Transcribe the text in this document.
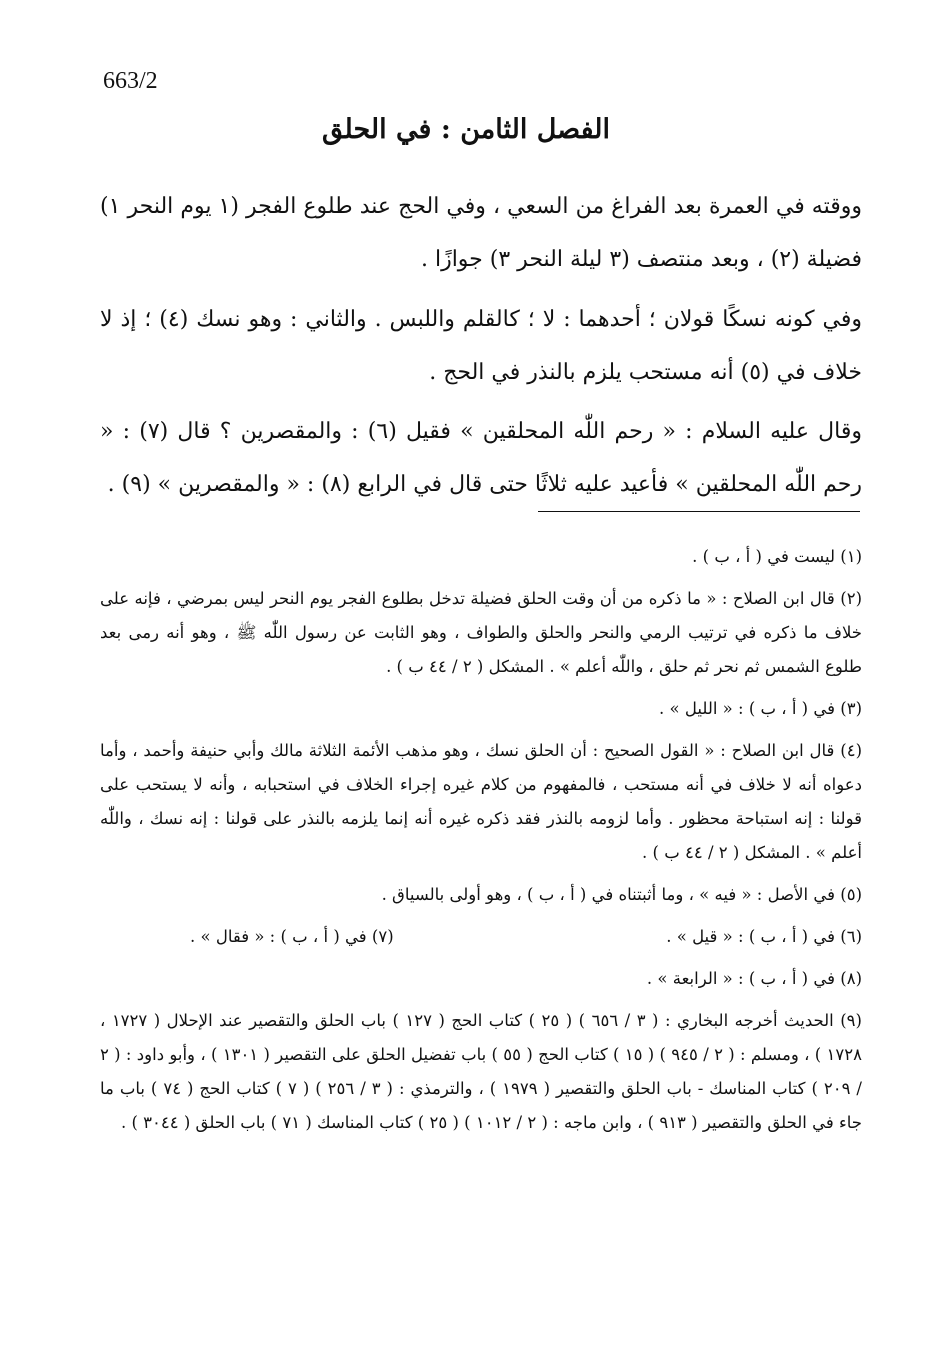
663/2
الفصل الثامن : في الحلق

ووقته في العمرة بعد الفراغ من السعي ، وفي الحج عند طلوع الفجر (١ يوم النحر ١) فضيلة (٢) ، وبعد منتصف (٣ ليلة النحر ٣) جوازًا .

وفي كونه نسكًا قولان ؛ أحدهما : لا ؛ كالقلم واللبس . والثاني : وهو نسك (٤) ؛ إذ لا خلاف في (٥) أنه مستحب يلزم بالنذر في الحج .

وقال عليه السلام : « رحم اللّٰه المحلقين » فقيل (٦) : والمقصرين ؟ قال (٧) : « رحم اللّٰه المحلقين » فأعيد عليه ثلاثًا حتى قال في الرابع (٨) : « والمقصرين » (٩) .

(١) ليست في ( أ ، ب ) .

(٢) قال ابن الصلاح : « ما ذكره من أن وقت الحلق فضيلة تدخل بطلوع الفجر يوم النحر ليس بمرضي ، فإنه على خلاف ما ذكره في ترتيب الرمي والنحر والحلق والطواف ، وهو الثابت عن رسول اللّٰه ﷺ ، وهو أنه رمى بعد طلوع الشمس ثم نحر ثم حلق ، واللّٰه أعلم » . المشكل ( ٢ / ٤٤ ب ) .

(٣) في ( أ ، ب ) : « الليل » .

(٤) قال ابن الصلاح : « القول الصحيح : أن الحلق نسك ، وهو مذهب الأئمة الثلاثة مالك وأبي حنيفة وأحمد ، وأما دعواه أنه لا خلاف في أنه مستحب ، فالمفهوم من كلام غيره إجراء الخلاف في استحبابه ، وأنه لا يستحب على قولنا : إنه استباحة محظور . وأما لزومه بالنذر فقد ذكره غيره أنه إنما يلزمه بالنذر على قولنا : إنه نسك ، واللّٰه أعلم » . المشكل ( ٢ / ٤٤ ب ) .

(٥) في الأصل : « فيه » ، وما أثبتناه في ( أ ، ب ) ، وهو أولى بالسياق .

(٦) في ( أ ، ب ) : « قيل » .

(٧) في ( أ ، ب ) : « فقال » .

(٨) في ( أ ، ب ) : « الرابعة » .

(٩) الحديث أخرجه البخاري : ( ٣ / ٦٥٦ ) ( ٢٥ ) كتاب الحج ( ١٢٧ ) باب الحلق والتقصير عند الإحلال ( ١٧٢٧ ، ١٧٢٨ ) ، ومسلم : ( ٢ / ٩٤٥ ) ( ١٥ ) كتاب الحج ( ٥٥ ) باب تفضيل الحلق على التقصير ( ١٣٠١ ) ، وأبو داود : ( ٢ / ٢٠٩ ) كتاب المناسك - باب الحلق والتقصير ( ١٩٧٩ ) ، والترمذي : ( ٣ / ٢٥٦ ) ( ٧ ) كتاب الحج ( ٧٤ ) باب ما جاء في الحلق والتقصير ( ٩١٣ ) ، وابن ماجه : ( ٢ / ١٠١٢ ) ( ٢٥ ) كتاب المناسك ( ٧١ ) باب الحلق ( ٣٠٤٤ ) .
